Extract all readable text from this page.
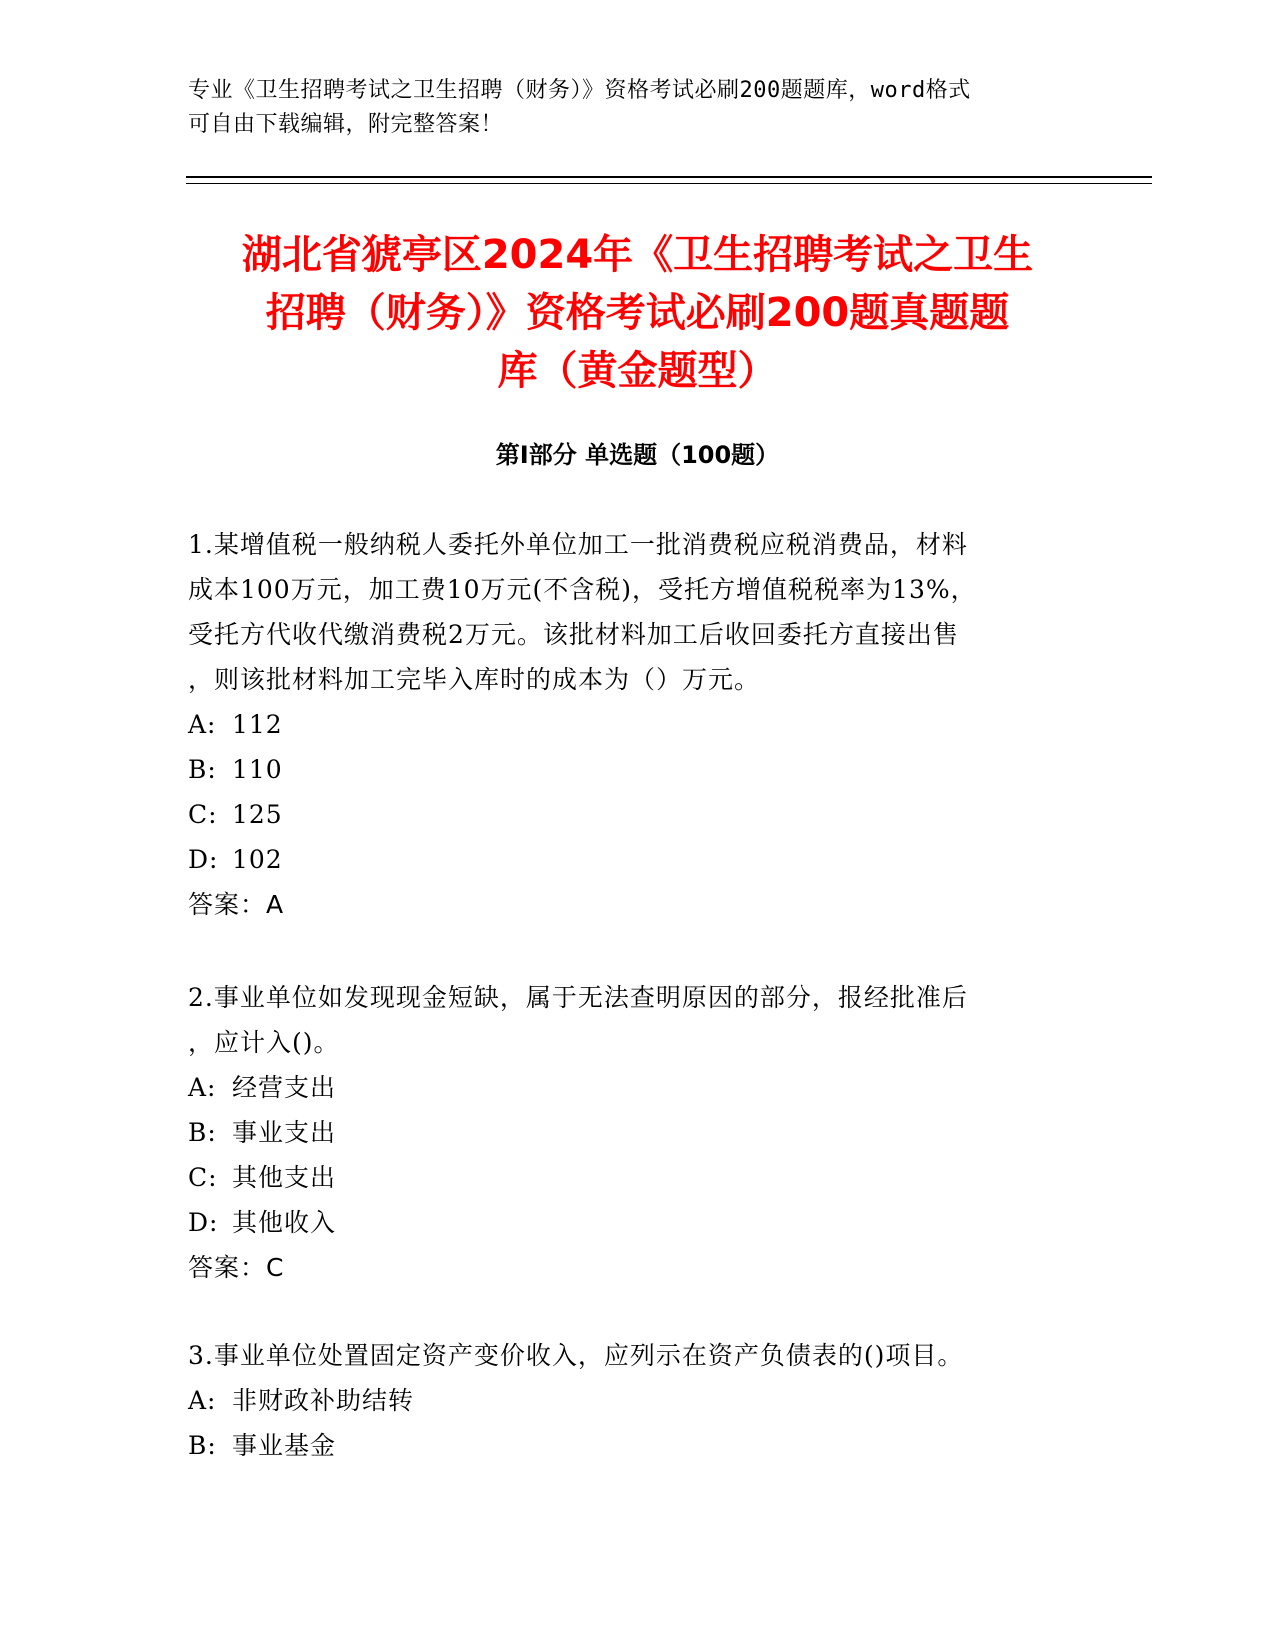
专业《卫生招聘考试之卫生招聘（财务）》资格考试必刷200题题库，word格式
可自由下载编辑，附完整答案！
湖北省猇亭区2024年《卫生招聘考试之卫生
招聘（财务）》资格考试必刷200题真题题
库（黄金题型）
第Ⅰ部分 单选题（100题）
1.某增值税一般纳税人委托外单位加工一批消费税应税消费品，材料
成本100万元，加工费10万元(不含税)，受托方增值税税率为13%，
受托方代收代缴消费税2万元。该批材料加工后收回委托方直接出售
，则该批材料加工完毕入库时的成本为（）万元。
A: 112
B: 110
C: 125
D: 102
答案：A
2.事业单位如发现现金短缺，属于无法查明原因的部分，报经批准后
，应计入()。
A: 经营支出
B: 事业支出
C: 其他支出
D: 其他收入
答案：C
3.事业单位处置固定资产变价收入，应列示在资产负债表的()项目。
A: 非财政补助结转
B: 事业基金
